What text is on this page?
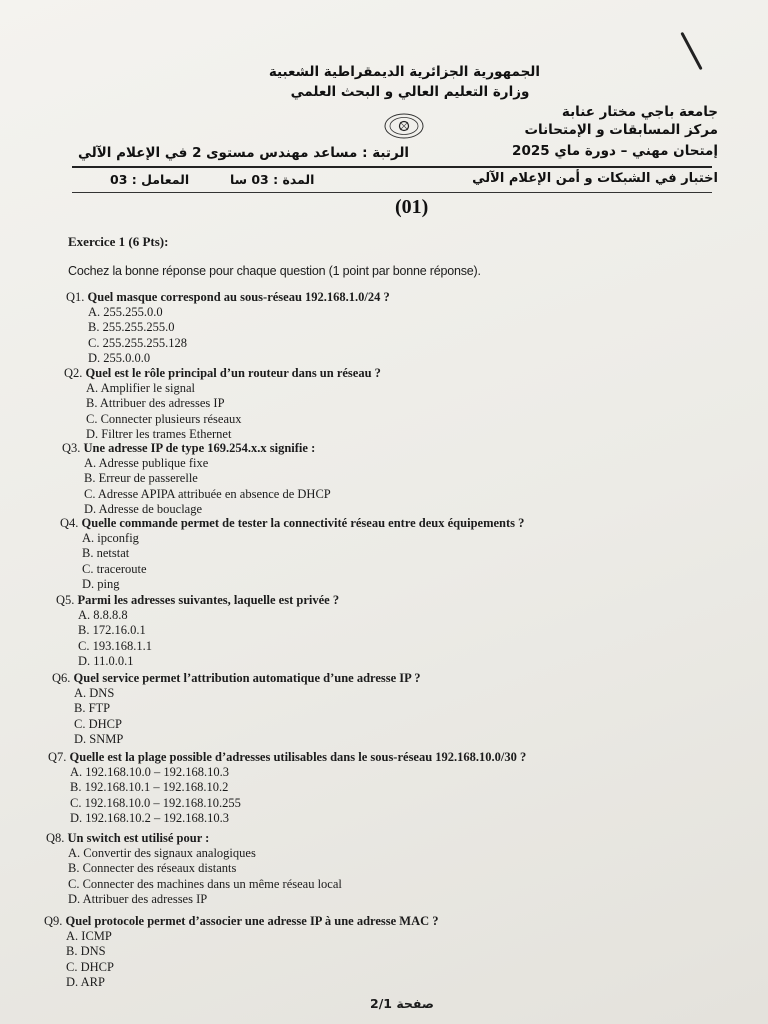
الجمهورية الجزائرية الديمقراطية الشعبية
وزارة التعليم العالي و البحث العلمي
جامعة باجي مختار عنابة
مركز المسابقات و الإمتحانات
إمتحان مهني – دورة ماي 2025
الرتبة : مساعد مهندس مستوى 2 في الإعلام الآلي
اختبار في الشبكات و أمن الإعلام الآلي
المدة : 03 سا
المعامل : 03
(01)
Exercice 1 (6 Pts):
Cochez la bonne réponse pour chaque question (1 point par bonne réponse).
Q1. Quel masque correspond au sous-réseau 192.168.1.0/24 ?
A. 255.255.0.0
B. 255.255.255.0
C. 255.255.255.128
D. 255.0.0.0
Q2. Quel est le rôle principal d’un routeur dans un réseau ?
A. Amplifier le signal
B. Attribuer des adresses IP
C. Connecter plusieurs réseaux
D. Filtrer les trames Ethernet
Q3. Une adresse IP de type 169.254.x.x signifie :
A. Adresse publique fixe
B. Erreur de passerelle
C. Adresse APIPA attribuée en absence de DHCP
D. Adresse de bouclage
Q4. Quelle commande permet de tester la connectivité réseau entre deux équipements ?
A. ipconfig
B. netstat
C. traceroute
D. ping
Q5. Parmi les adresses suivantes, laquelle est privée ?
A. 8.8.8.8
B. 172.16.0.1
C. 193.168.1.1
D. 11.0.0.1
Q6. Quel service permet l’attribution automatique d’une adresse IP ?
A. DNS
B. FTP
C. DHCP
D. SNMP
Q7. Quelle est la plage possible d’adresses utilisables dans le sous-réseau 192.168.10.0/30 ?
A. 192.168.10.0 – 192.168.10.3
B. 192.168.10.1 – 192.168.10.2
C. 192.168.10.0 – 192.168.10.255
D. 192.168.10.2 – 192.168.10.3
Q8. Un switch est utilisé pour :
A. Convertir des signaux analogiques
B. Connecter des réseaux distants
C. Connecter des machines dans un même réseau local
D. Attribuer des adresses IP
Q9. Quel protocole permet d’associer une adresse IP à une adresse MAC ?
A. ICMP
B. DNS
C. DHCP
D. ARP
صفحة 2/1
